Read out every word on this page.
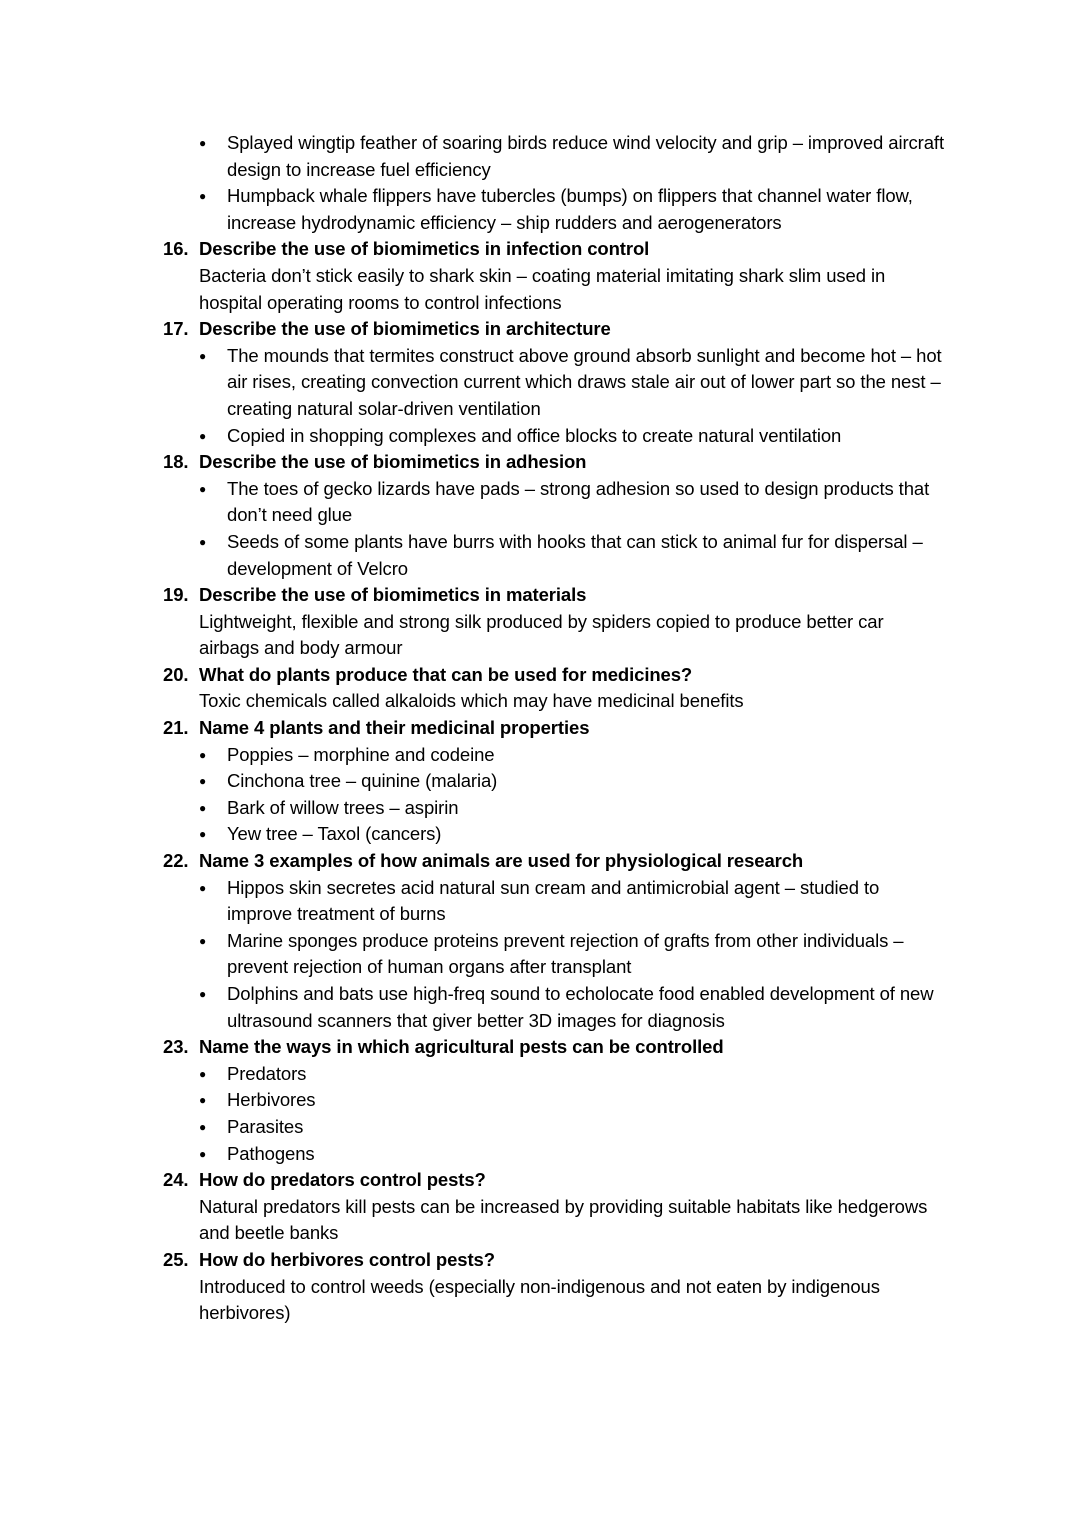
●	Splayed wingtip feather of soaring birds reduce wind velocity and grip – improved aircraft design to increase fuel efficiency
●	Humpback whale flippers have tubercles (bumps) on flippers that channel water flow, increase hydrodynamic efficiency – ship rudders and aerogenerators
16. Describe the use of biomimetics in infection control
Bacteria don’t stick easily to shark skin – coating material imitating shark slim used in hospital operating rooms to control infections
17. Describe the use of biomimetics in architecture
●	The mounds that termites construct above ground absorb sunlight and become hot – hot air rises, creating convection current which draws stale air out of lower part so the nest – creating natural solar-driven ventilation
●	Copied in shopping complexes and office blocks to create natural ventilation
18. Describe the use of biomimetics in adhesion
●	The toes of gecko lizards have pads – strong adhesion so used to design products that don’t need glue
●	Seeds of some plants have burrs with hooks that can stick to animal fur for dispersal – development of Velcro
19. Describe the use of biomimetics in materials
Lightweight, flexible and strong silk produced by spiders copied to produce better car airbags and body armour
20. What do plants produce that can be used for medicines?
Toxic chemicals called alkaloids which may have medicinal benefits
21. Name 4 plants and their medicinal properties
●	Poppies – morphine and codeine
●	Cinchona tree – quinine (malaria)
●	Bark of willow trees – aspirin
●	Yew tree – Taxol (cancers)
22. Name 3 examples of how animals are used for physiological research
●	Hippos skin secretes acid natural sun cream and antimicrobial agent – studied to improve treatment of burns
●	Marine sponges produce proteins prevent rejection of grafts from other individuals – prevent rejection of human organs after transplant
●	Dolphins and bats use high-freq sound to echolocate food enabled development of new ultrasound scanners that giver better 3D images for diagnosis
23. Name the ways in which agricultural pests can be controlled
●	Predators
●	Herbivores
●	Parasites
●	Pathogens
24. How do predators control pests?
Natural predators kill pests can be increased by providing suitable habitats like hedgerows and beetle banks
25. How do herbivores control pests?
Introduced to control weeds (especially non-indigenous and not eaten by indigenous herbivores)
